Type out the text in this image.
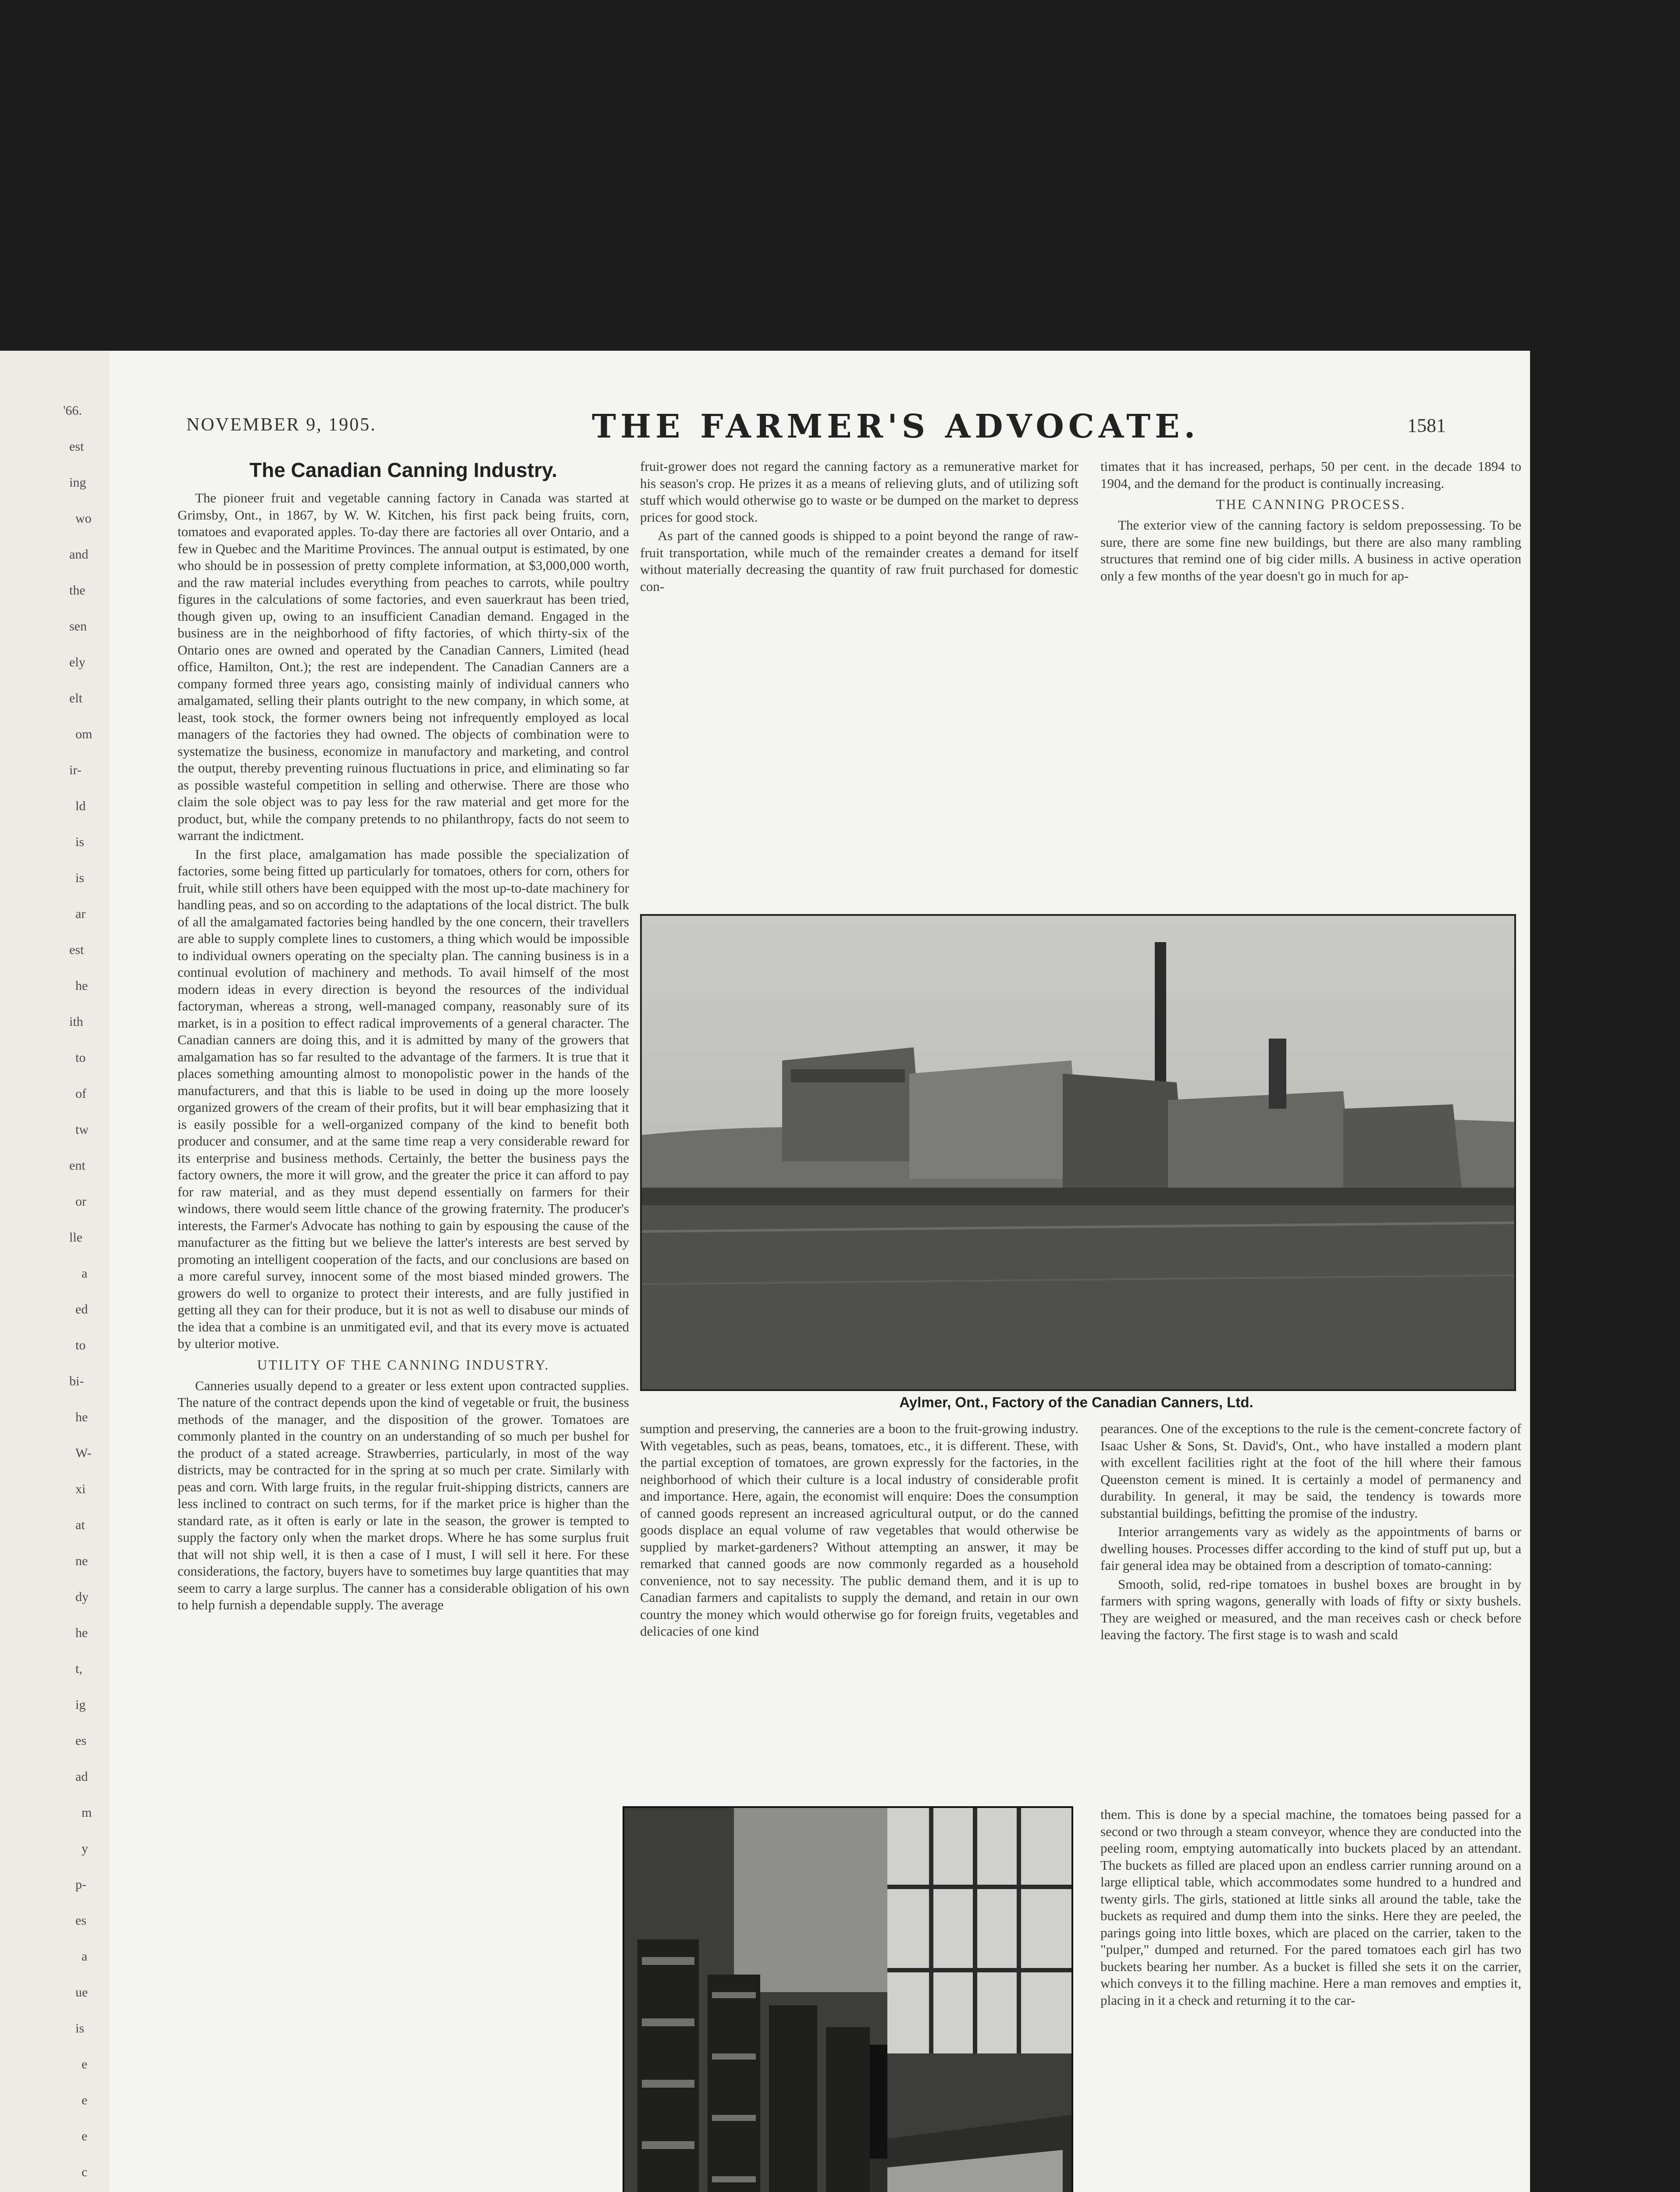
'66.
est
ing
wo
and
the
sen
ely
elt
om
ir-
ld
is
is
ar
est
he
ith
to
of
tw
ent
or
lle
a
ed
to
bi-
he
W-
xi
at
ne
dy
he
t,
ig
es
ad
m
y
p-
es
a
ue
is
e
e
e
c
NOVEMBER 9, 1905.	THE FARMER'S ADVOCATE.	1581
The Canadian Canning Industry.

The pioneer fruit and vegetable canning factory in Canada was started at Grimsby, Ont., in 1867, by W. W. Kitchen, his first pack being fruits, corn, tomatoes and evaporated apples. To-day there are factories all over Ontario, and a few in Quebec and the Maritime Provinces. The annual output is estimated, by one who should be in possession of pretty complete information, at $3,000,000 worth, and the raw material includes everything from peaches to carrots, while poultry figures in the calculations of some factories, and even sauerkraut has been tried, though given up, owing to an insufficient Canadian demand. Engaged in the business are in the neighborhood of fifty factories, of which thirty-six of the Ontario ones are owned and operated by the Canadian Canners, Limited (head office, Hamilton, Ont.); the rest are independent. The Canadian Canners are a company formed three years ago, consisting mainly of individual canners who amalgamated, selling their plants outright to the new company, in which some, at least, took stock, the former owners being not infrequently employed as local managers of the factories they had owned. The objects of combination were to systematize the business, economize in manufactory and marketing, and control the output, thereby preventing ruinous fluctuations in price, and eliminating so far as possible wasteful competition in selling and otherwise. There are those who claim the sole object was to pay less for the raw material and get more for the product, but, while the company pretends to no philanthropy, facts do not seem to warrant the indictment.

In the first place, amalgamation has made possible the specialization of factories, some being fitted up particularly for tomatoes, others for corn, others for fruit, while still others have been equipped with the most up-to-date machinery for handling peas, and so on according to the adaptations of the local district. The bulk of all the amalgamated factories being handled by the one concern, their travellers are able to supply complete lines to customers, a thing which would be impossible to individual owners operating on the specialty plan. The canning business is in a continual evolution of machinery and methods. To avail himself of the most modern ideas in every direction is beyond the resources of the individual factoryman, whereas a strong, well-managed company, reasonably sure of its market, is in a position to effect radical improvements of a general character. The Canadian canners are doing this, and it is admitted by many of the growers that amalgamation has so far resulted to the advantage of the farmers. It is true that it places something amounting almost to monopolistic power in the hands of the manufacturers, and that this is liable to be used in doing up the more loosely organized growers of the cream of their profits, but it will bear emphasizing that it is easily possible for a well-organized company of the kind to benefit both producer and consumer, and at the same time reap a very considerable reward for its enterprise and business methods. Certainly, the better the business pays the factory owners, the more it will grow, and the greater the price it can afford to pay for raw material, and as they must depend essentially on farmers for their windows, there would seem little chance of the growing fraternity. The producer's interests, the Farmer's Advocate has nothing to gain by espousing the cause of the manufacturer as the fitting but we believe the latter's interests are best served by promoting an intelligent cooperation of the facts, and our conclusions are based on a more careful survey, innocent some of the most biased minded growers. The growers do well to organize to protect their interests, and are fully justified in getting all they can for their produce, but it is not as well to disabuse our minds of the idea that a combine is an unmitigated evil, and that its every move is actuated by ulterior motive.

UTILITY OF THE CANNING INDUSTRY.

Canneries usually depend to a greater or less extent upon contracted supplies. The nature of the contract depends upon the kind of vegetable or fruit, the business methods of the manager, and the disposition of the grower. Tomatoes are commonly planted in the country on an understanding of so much per bushel for the product of a stated acreage. Strawberries, particularly, in most of the way districts, may be contracted for in the spring at so much per crate. Similarly with peas and corn. With large fruits, in the regular fruit-shipping districts, canners are less inclined to contract on such terms, for if the market price is higher than the standard rate, as it often is early or late in the season, the grower is tempted to supply the factory only when the market drops. Where he has some surplus fruit that will not ship well, it is then a case of I must, I will sell it here. For these considerations, the factory, buyers have to sometimes buy large quantities that may seem to carry a large surplus. The canner has a considerable obligation of his own to help furnish a dependable supply. The average

fruit-grower does not regard the canning factory as a remunerative market for his season's crop. He prizes it as a means of relieving gluts, and of utilizing soft stuff which would otherwise go to waste or be dumped on the market to depress prices for good stock.

As part of the canned goods is shipped to a point beyond the range of raw-fruit transportation, while much of the remainder creates a demand for itself without materially decreasing the quantity of raw fruit purchased for domestic con-

timates that it has increased, perhaps, 50 per cent. in the decade 1894 to 1904, and the demand for the product is continually increasing.

THE CANNING PROCESS.

The exterior view of the canning factory is seldom prepossessing. To be sure, there are some fine new buildings, but there are also many rambling structures that remind one of big cider mills. A business in active operation only a few months of the year doesn't go in much for ap-

Aylmer, Ont., Factory of the Canadian Canners, Ltd.

sumption and preserving, the canneries are a boon to the fruit-growing industry. With vegetables, such as peas, beans, tomatoes, etc., it is different. These, with the partial exception of tomatoes, are grown expressly for the factories, in the neighborhood of which their culture is a local industry of considerable profit and importance. Here, again, the economist will enquire: Does the consumption of canned goods represent an increased agricultural output, or do the canned goods displace an equal volume of raw vegetables that would otherwise be supplied by market-gardeners? Without attempting an answer, it may be remarked that canned goods are now commonly regarded as a household convenience, not to say necessity. The public demand them, and it is up to Canadian farmers and capitalists to supply the demand, and retain in our own country the money which would otherwise go for foreign fruits, vegetables and delicacies of one kind

pearances. One of the exceptions to the rule is the cement-concrete factory of Isaac Usher & Sons, St. David's, Ont., who have installed a modern plant with excellent facilities right at the foot of the hill where their famous Queenston cement is mined. It is certainly a model of permanency and durability. In general, it may be said, the tendency is towards more substantial buildings, befitting the promise of the industry.

Interior arrangements vary as widely as the appointments of barns or dwelling houses. Processes differ according to the kind of stuff put up, but a fair general idea may be obtained from a description of tomato-canning:

Smooth, solid, red-ripe tomatoes in bushel boxes are brought in by farmers with spring wagons, generally with loads of fifty or sixty bushels. They are weighed or measured, and the man receives cash or check before leaving the factory. The first stage is to wash and scald

them. This is done by a special machine, the tomatoes being passed for a second or two through a steam conveyor, whence they are conducted into the peeling room, emptying automatically into buckets placed by an attendant. The buckets as filled are placed upon an endless carrier running around on a large elliptical table, which accommodates some hundred to a hundred and twenty girls. The girls, stationed at little sinks all around the table, take the buckets as required and dump them into the sinks. Here they are peeled, the parings going into little boxes, which are placed on the carrier, taken to the "pulper," dumped and returned. For the pared tomatoes each girl has two buckets bearing her number. As a bucket is filled she sets it on the carrier, which conveys it to the filling machine. Here a man removes and empties it, placing in it a check and returning it to the car-
